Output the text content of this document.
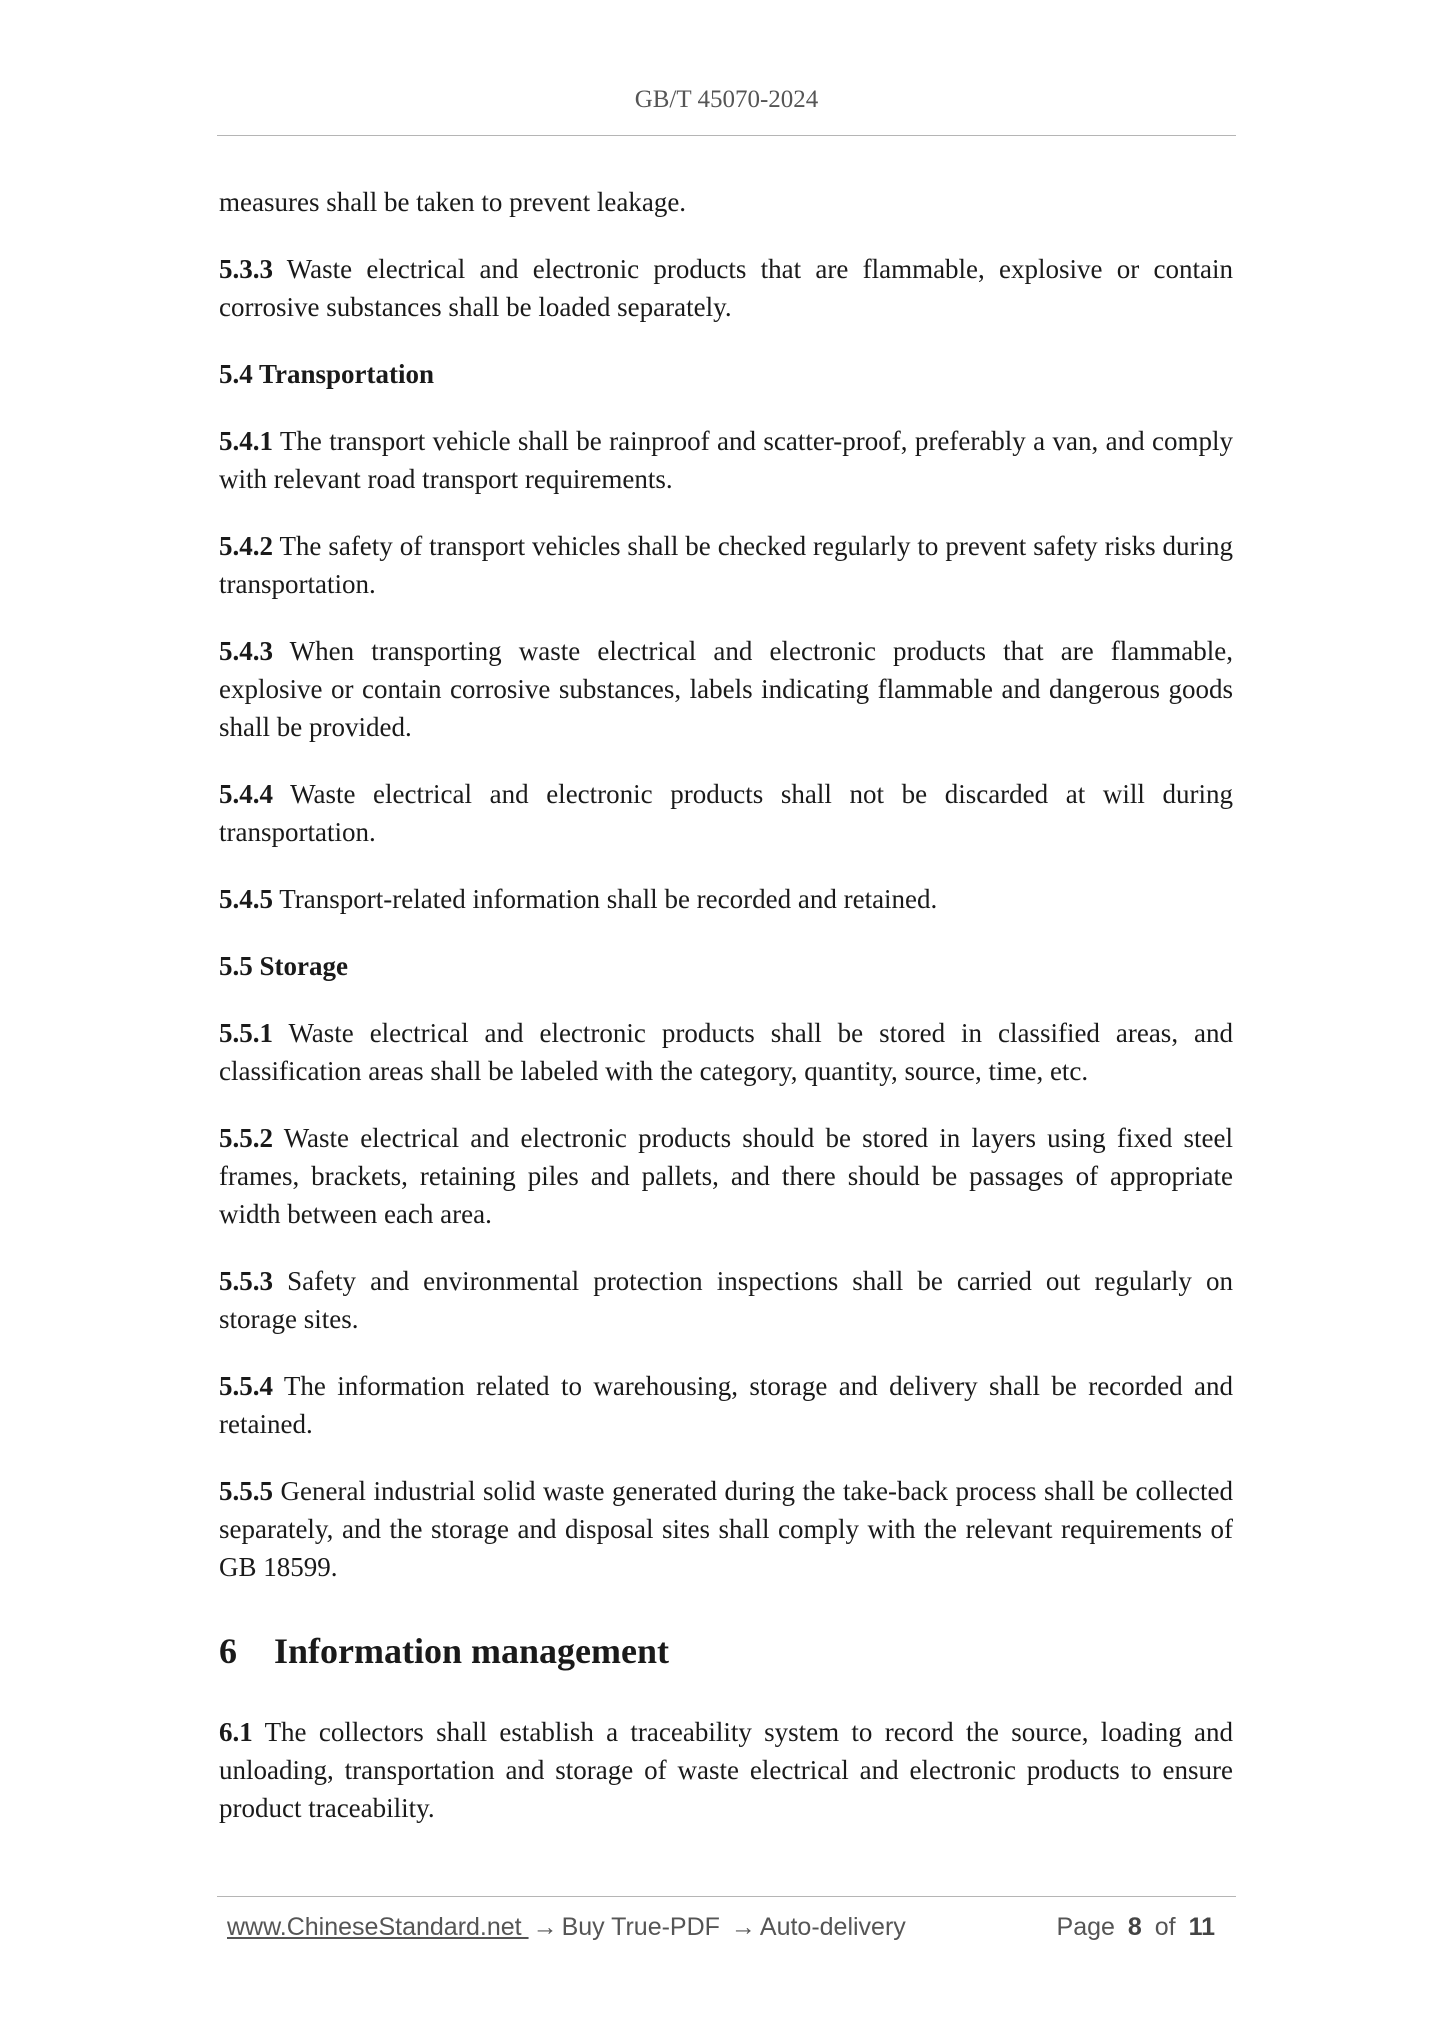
GB/T 45070-2024

measures shall be taken to prevent leakage.

5.3.3 Waste electrical and electronic products that are flammable, explosive or contain corrosive substances shall be loaded separately.

5.4 Transportation

5.4.1 The transport vehicle shall be rainproof and scatter-proof, preferably a van, and comply with relevant road transport requirements.

5.4.2 The safety of transport vehicles shall be checked regularly to prevent safety risks during transportation.

5.4.3 When transporting waste electrical and electronic products that are flammable, explosive or contain corrosive substances, labels indicating flammable and dangerous goods shall be provided.

5.4.4 Waste electrical and electronic products shall not be discarded at will during transportation.

5.4.5 Transport-related information shall be recorded and retained.

5.5 Storage

5.5.1 Waste electrical and electronic products shall be stored in classified areas, and classification areas shall be labeled with the category, quantity, source, time, etc.

5.5.2 Waste electrical and electronic products should be stored in layers using fixed steel frames, brackets, retaining piles and pallets, and there should be passages of appropriate width between each area.

5.5.3 Safety and environmental protection inspections shall be carried out regularly on storage sites.

5.5.4 The information related to warehousing, storage and delivery shall be recorded and retained.

5.5.5 General industrial solid waste generated during the take-back process shall be collected separately, and the storage and disposal sites shall comply with the relevant requirements of GB 18599.

6 Information management

6.1 The collectors shall establish a traceability system to record the source, loading and unloading, transportation and storage of waste electrical and electronic products to ensure product traceability.

www.ChineseStandard.net → Buy True-PDF → Auto-delivery	Page 8 of 11
